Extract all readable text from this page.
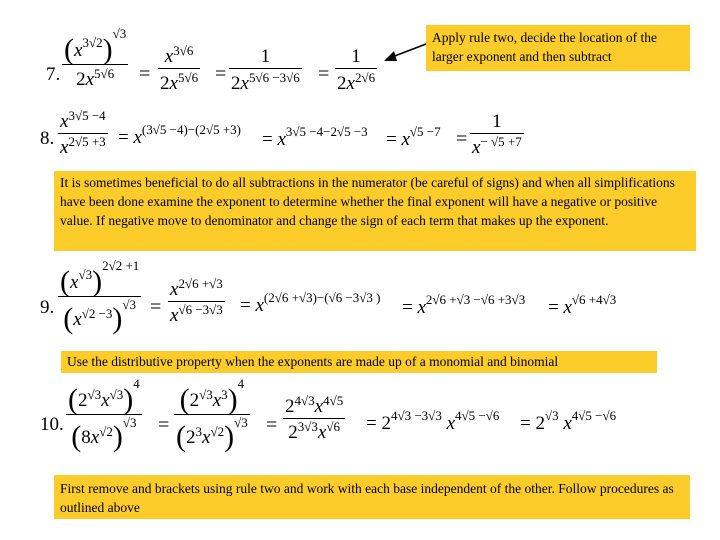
Apply rule two, decide the location of the larger exponent and then subtract
7.
$(x^{3√2})^{√3}$
$2x^{5√6}$ =
$x^{3√6}$
$2x^{5√6}$ =
1
$2x^{5√6 -3√6}$ =
1
$2x^{2√6}$
8.
$x^{3√5 -4}$
$x^{2√5 +3} = x^{(3√5 -4)-(2√5 +3)} = x^{3√5 -4-2√5 -3} = x^{√5 -7}$ =
1
$x^{- √5 +7}$
It is sometimes beneficial to do all subtractions in the numerator (be careful of signs) and when all simplifications have been done examine the exponent to determine whether the final exponent will have a negative or positive value. If negative move to denominator and change the sign of each term that makes up the exponent.
9.
$(x^{√3})^{2√2 +1}$
$(x^{√2 -3})^{√3}$ =
$x^{2√6 +√3}$
$x^{√6 -3√3} = x^{(2√6 +√3)-(√6 -3√3 )} = x^{2√6 +√3 -√6 +3√3} = x^{√6 +4√3}$
Use the distributive property when the exponents are made up of a monomial and binomial
10.
$(2^{√3}x^{√3})^4$
$(8x^{√2})^{√3}$ =
$(2^{√3}x^3)^4$
$(2^3x^{√2})^{√3}$ =
$2^{4√3}x^{4√5}$
$2^{3√3}x^{√6} = 2^{4√3 -3√3}$ $x^{4√5 -√6} = 2^{√3}$ $x^{4√5 -√6}$
First remove and brackets using rule two and work with each base independent of the other. Follow procedures as outlined above
